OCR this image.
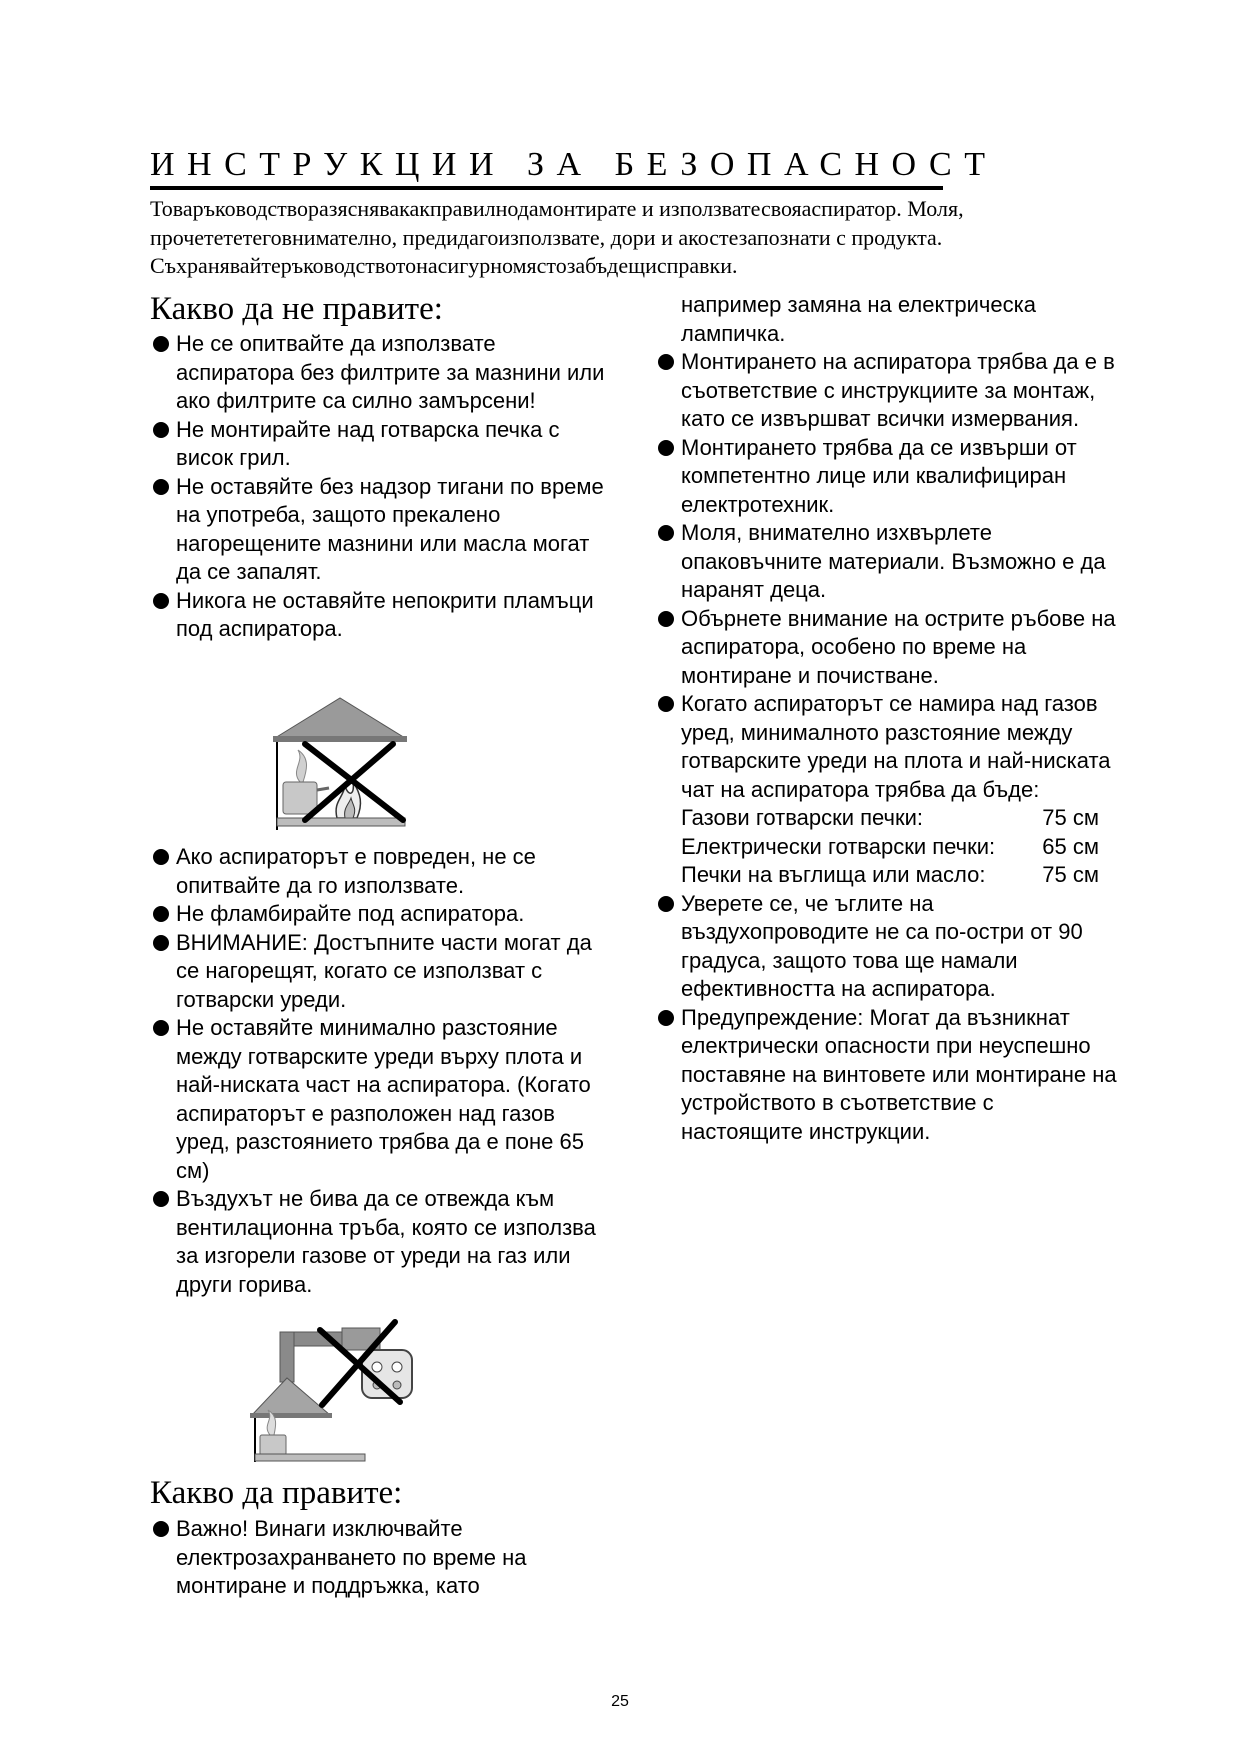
ИНСТРУКЦИИ ЗА БЕЗОПАСНОСТ
Товаръководстворазяснявакакправилнодамонтирате и използватесвояаспиратор. Моля,
прочетететеговнимателно, предидагоизползвате, дори и акостезапознати с продукта.
Съхранявайтеръководствотонасигурномястозабъдещисправки.
Какво да не правите:
Не се опитвайте да използвате аспиратора без филтрите за мазнини или ако филтрите са силно замърсени!
Не монтирайте над готварска печка с висок грил.
Не оставяйте без надзор тигани по време на употреба, защото прекалено нагорещените мазнини или масла могат да се запалят.
Никога не оставяйте непокрити пламъци под аспиратора.
Ако аспираторът е повреден, не се опитвайте да го използвате.
Не фламбирайте под аспиратора.
ВНИМАНИЕ: Достъпните части могат да се нагорещят, когато се използват с готварски уреди.
Не оставяйте минимално разстояние между готварските уреди върху плота и най-ниската част на аспиратора. (Когато аспираторът е разположен над газов уред, разстоянието трябва да е поне 65 см)
Въздухът не бива да се отвежда към вентилационна тръба, която се използва за изгорели газове от уреди на газ или други горива.
Какво да правите:
Важно! Винаги изключвайте електрозахранването по време на монтиране и поддръжка, като
например замяна на електрическа лампичка.
Монтирането на аспиратора трябва да е в съответствие с инструкциите за монтаж, като се извършват всички измервания.
Монтирането трябва да се извърши от компетентно лице или квалифициран електротехник.
Моля, внимателно изхвърлете опаковъчните материали. Възможно е да наранят деца.
Обърнете внимание на острите ръбове на аспиратора, особено по време на монтиране и почистване.
Когато аспираторът се намира над газов уред, минималното разстояние между готварските уреди на плота и най-ниската чат на аспиратора трябва да бъде:
Газови готварски печки:	75 см
Електрически готварски печки: 65 см
Печки на въглища или масло:	75 см
Уверете се, че ъглите на въздухопроводите не са по-остри от 90 градуса, защото това ще намали ефективността на аспиратора.
Предупреждение: Могат да възникнат електрически опасности при неуспешно поставяне на винтовете или монтиране на устройството в съответствие с настоящите инструкции.
25
